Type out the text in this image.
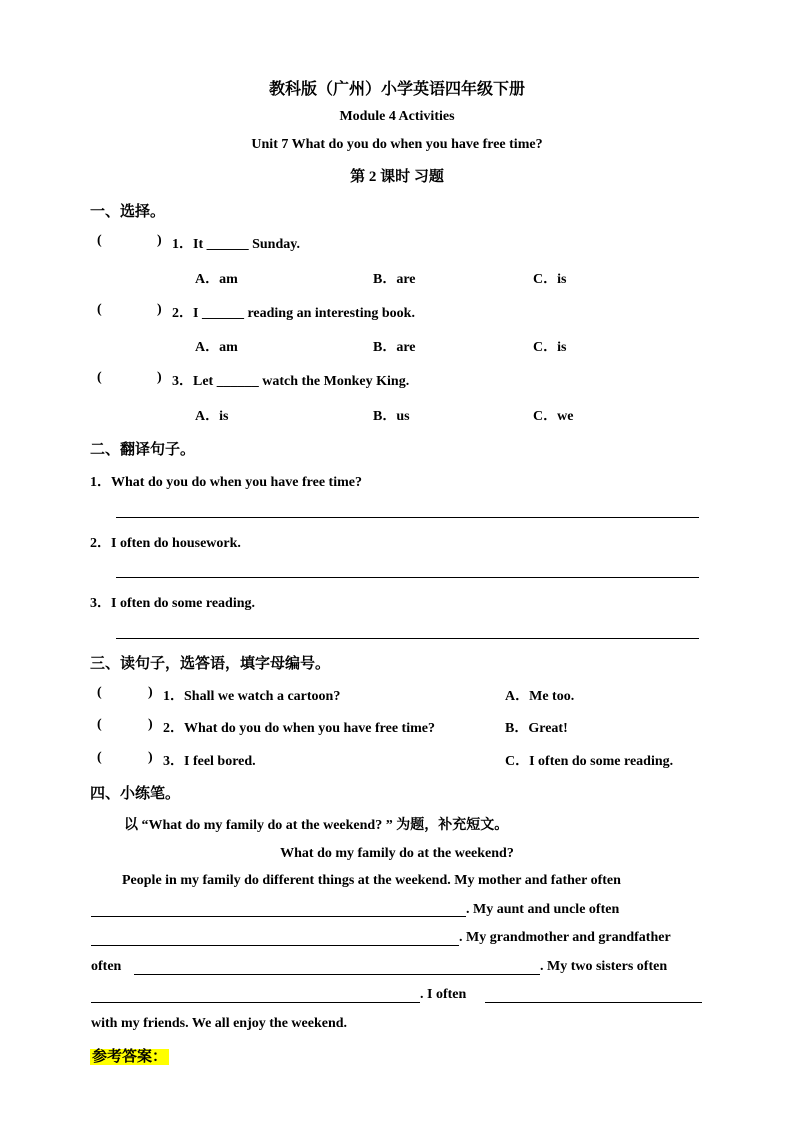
教科版（广州）小学英语四年级下册
Module 4 Activities
Unit 7 What do you do when you have free time?
第 2 课时 习题
一、选择。
(	) 1．It ______ Sunday.
A．am	B．are	C．is
(	) 2．I ______ reading an interesting book.
A．am	B．are	C．is
(	) 3．Let ______ watch the Monkey King.
A．is	B．us	C．we
二、翻译句子。
1．What do you do when you have free time?
2．I often do housework.
3．I often do some reading.
三、读句子，选答语，填字母编号。
(	) 1．Shall we watch a cartoon?	A．Me too.
(	) 2．What do you do when you have free time?	B．Great!
(	) 3．I feel bored.	C．I often do some reading.
四、小练笔。
以 “What do my family do at the weekend? ” 为题，补充短文。
What do my family do at the weekend?
People in my family do different things at the weekend. My mother and father often
. My aunt and uncle often
. My grandmother and grandfather
often	. My two sisters often
. I often
with my friends. We all enjoy the weekend.
参考答案：
